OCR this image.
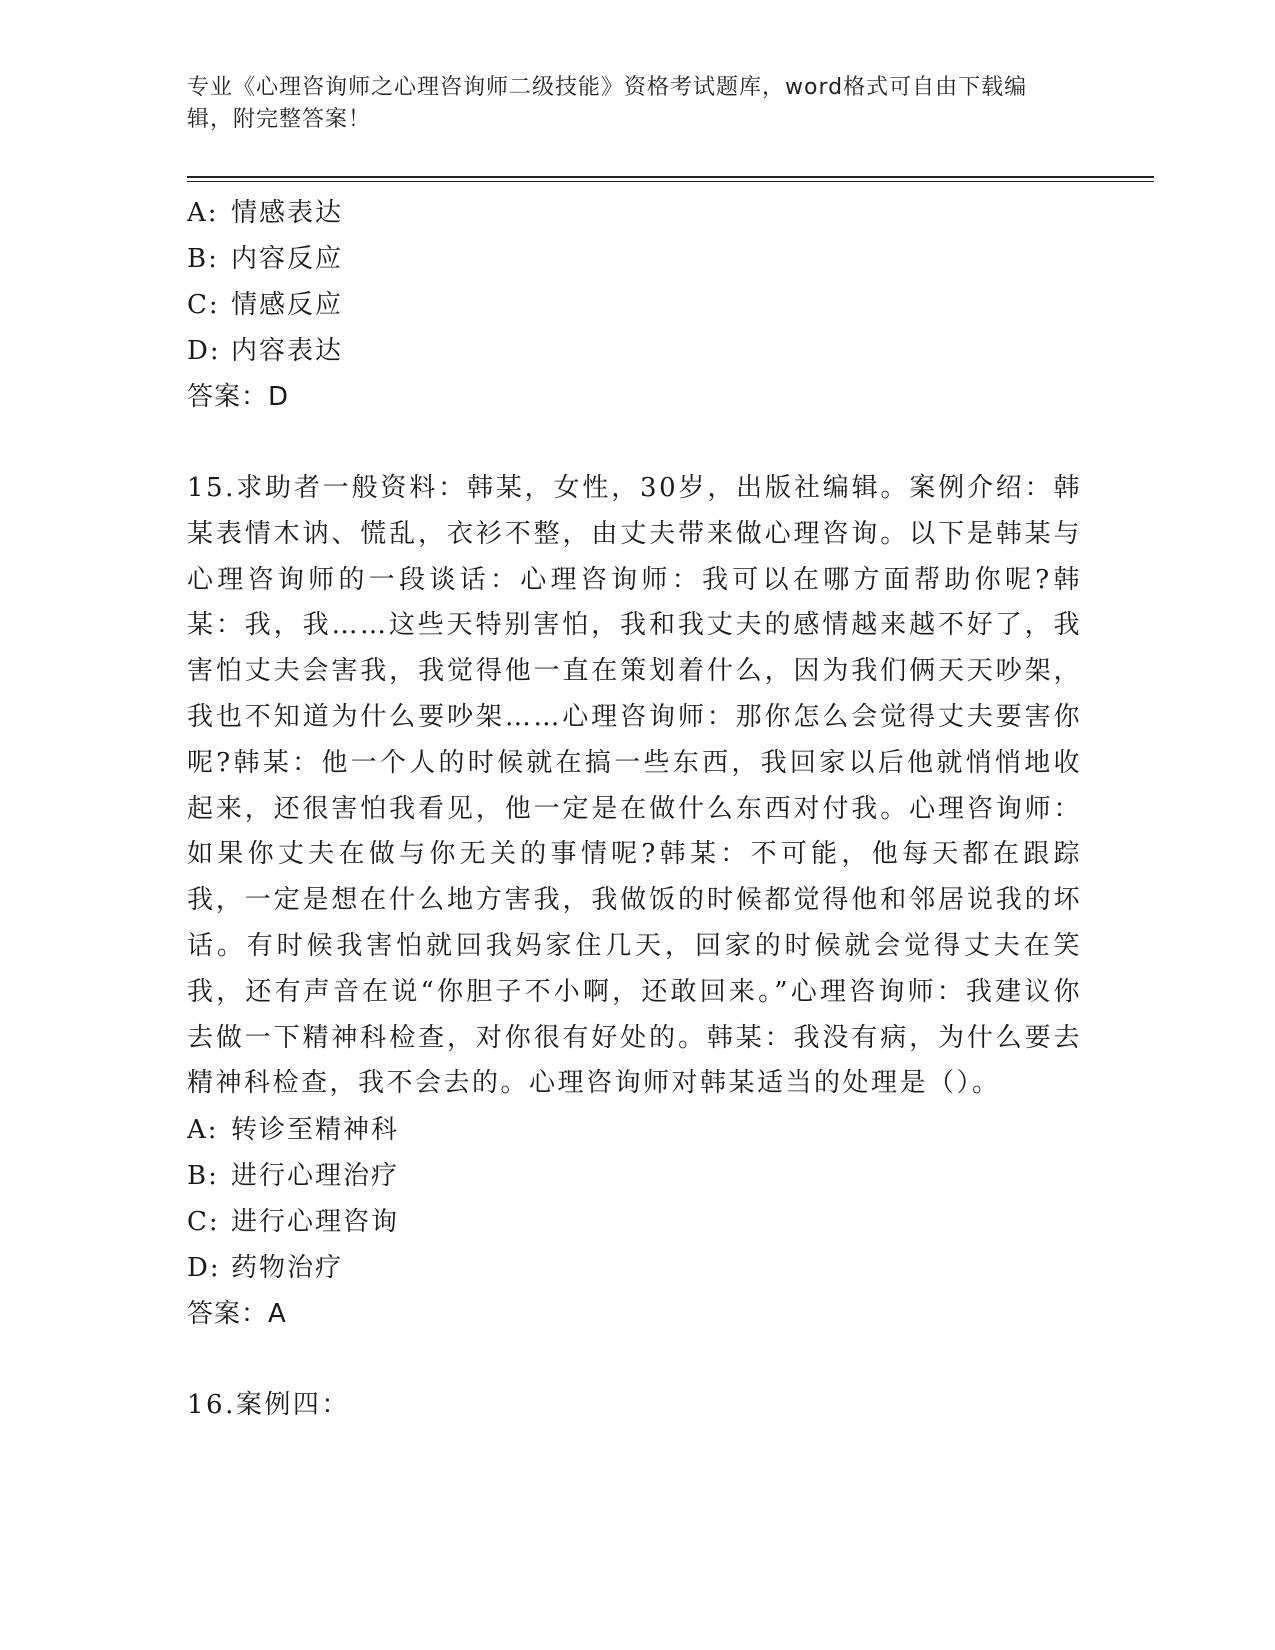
专业《心理咨询师之心理咨询师二级技能》资格考试题库，word格式可自由下载编辑，附完整答案！
A: 情感表达
B: 内容反应
C: 情感反应
D: 内容表达
答案：D
15.求助者一般资料：韩某，女性，30岁，出版社编辑。案例介绍：韩某表情木讷、慌乱，衣衫不整，由丈夫带来做心理咨询。以下是韩某与心理咨询师的一段谈话：心理咨询师：我可以在哪方面帮助你呢?韩某：我，我……这些天特别害怕，我和我丈夫的感情越来越不好了，我害怕丈夫会害我，我觉得他一直在策划着什么，因为我们俩天天吵架，我也不知道为什么要吵架……心理咨询师：那你怎么会觉得丈夫要害你呢?韩某：他一个人的时候就在搞一些东西，我回家以后他就悄悄地收起来，还很害怕我看见，他一定是在做什么东西对付我。心理咨询师：如果你丈夫在做与你无关的事情呢?韩某：不可能，他每天都在跟踪我，一定是想在什么地方害我，我做饭的时候都觉得他和邻居说我的坏话。有时候我害怕就回我妈家住几天，回家的时候就会觉得丈夫在笑我，还有声音在说“你胆子不小啊，还敢回来。”心理咨询师：我建议你去做一下精神科检查，对你很有好处的。韩某：我没有病，为什么要去精神科检查，我不会去的。心理咨询师对韩某适当的处理是（）。
A: 转诊至精神科
B: 进行心理治疗
C: 进行心理咨询
D: 药物治疗
答案：A
16.案例四：
